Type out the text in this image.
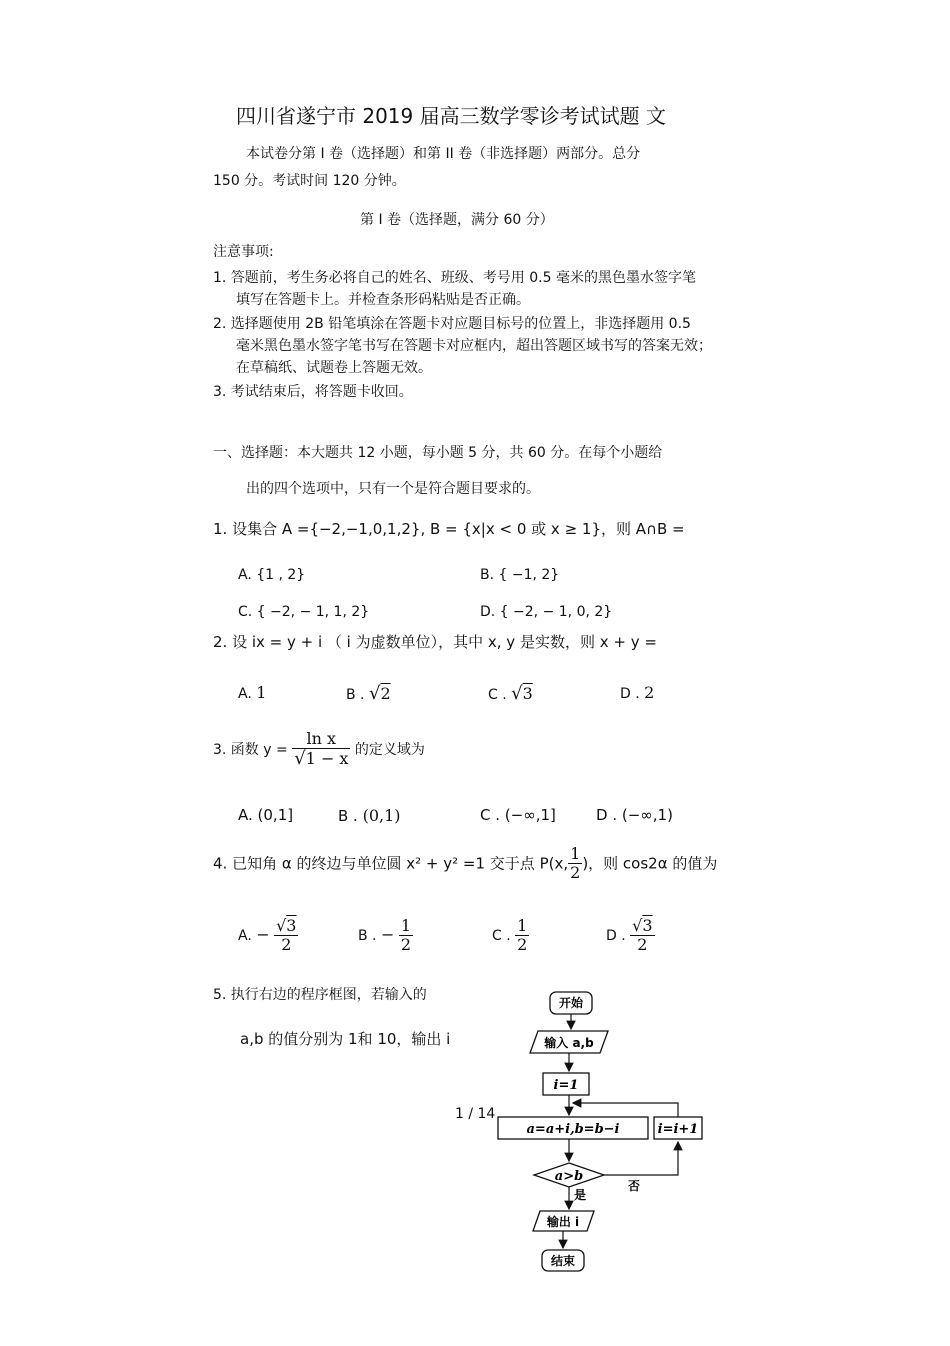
四川省遂宁市 2019 届高三数学零诊考试试题 文
本试卷分第 I 卷（选择题）和第 II 卷（非选择题）两部分。总分
150 分。考试时间 120 分钟。
第 I 卷（选择题，满分 60 分）
注意事项:
1. 答题前，考生务必将自己的姓名、班级、考号用 0.5 毫米的黑色墨水签字笔
填写在答题卡上。并检查条形码粘贴是否正确。
2. 选择题使用 2B 铅笔填涂在答题卡对应题目标号的位置上，非选择题用 0.5
毫米黑色墨水签字笔书写在答题卡对应框内，超出答题区域书写的答案无效；
在草稿纸、试题卷上答题无效。
3. 考试结束后，将答题卡收回。
一、选择题：本大题共 12 小题，每小题 5 分，共 60 分。在每个小题给
出的四个选项中，只有一个是符合题目要求的。
1. 设集合 A ={−2,−1,0,1,2}, B = {x|x < 0 或 x ≥ 1}，则 A∩B =
A. {1 , 2}	B. { −1, 2}
C. { −2, − 1, 1, 2}	D. { −2, − 1, 0, 2}
2. 设 ix = y + i （ i 为虚数单位），其中 x, y 是实数，则 x + y =
A. 1	B . √2	C . √3	D . 2
3. 函数 $y = \frac{\text{ln x}}{√1 - x}$ 的定义域为
A. (0,1]	B . (0,1)	C . (−∞,1]	D . (−∞,1)
4. 已知角 α 的终边与单位圆 x² + y² =1 交于点 P(x, $\frac{1}{2}$ )，则 cos2α 的值为
A. − $\frac{√3}{2}$	B . − $\frac{1}{2}$	C . $\frac{1}{2}$	D . $\frac{√3}{2}$
5. 执行右边的程序框图，若输入的
a,b 的值分别为 1和 10，输出 i
1 / 14
开始
输入 a,b
i=1
a=a+i,b=b−i
a>b
否
i=i+1
是
输出 i
结束
